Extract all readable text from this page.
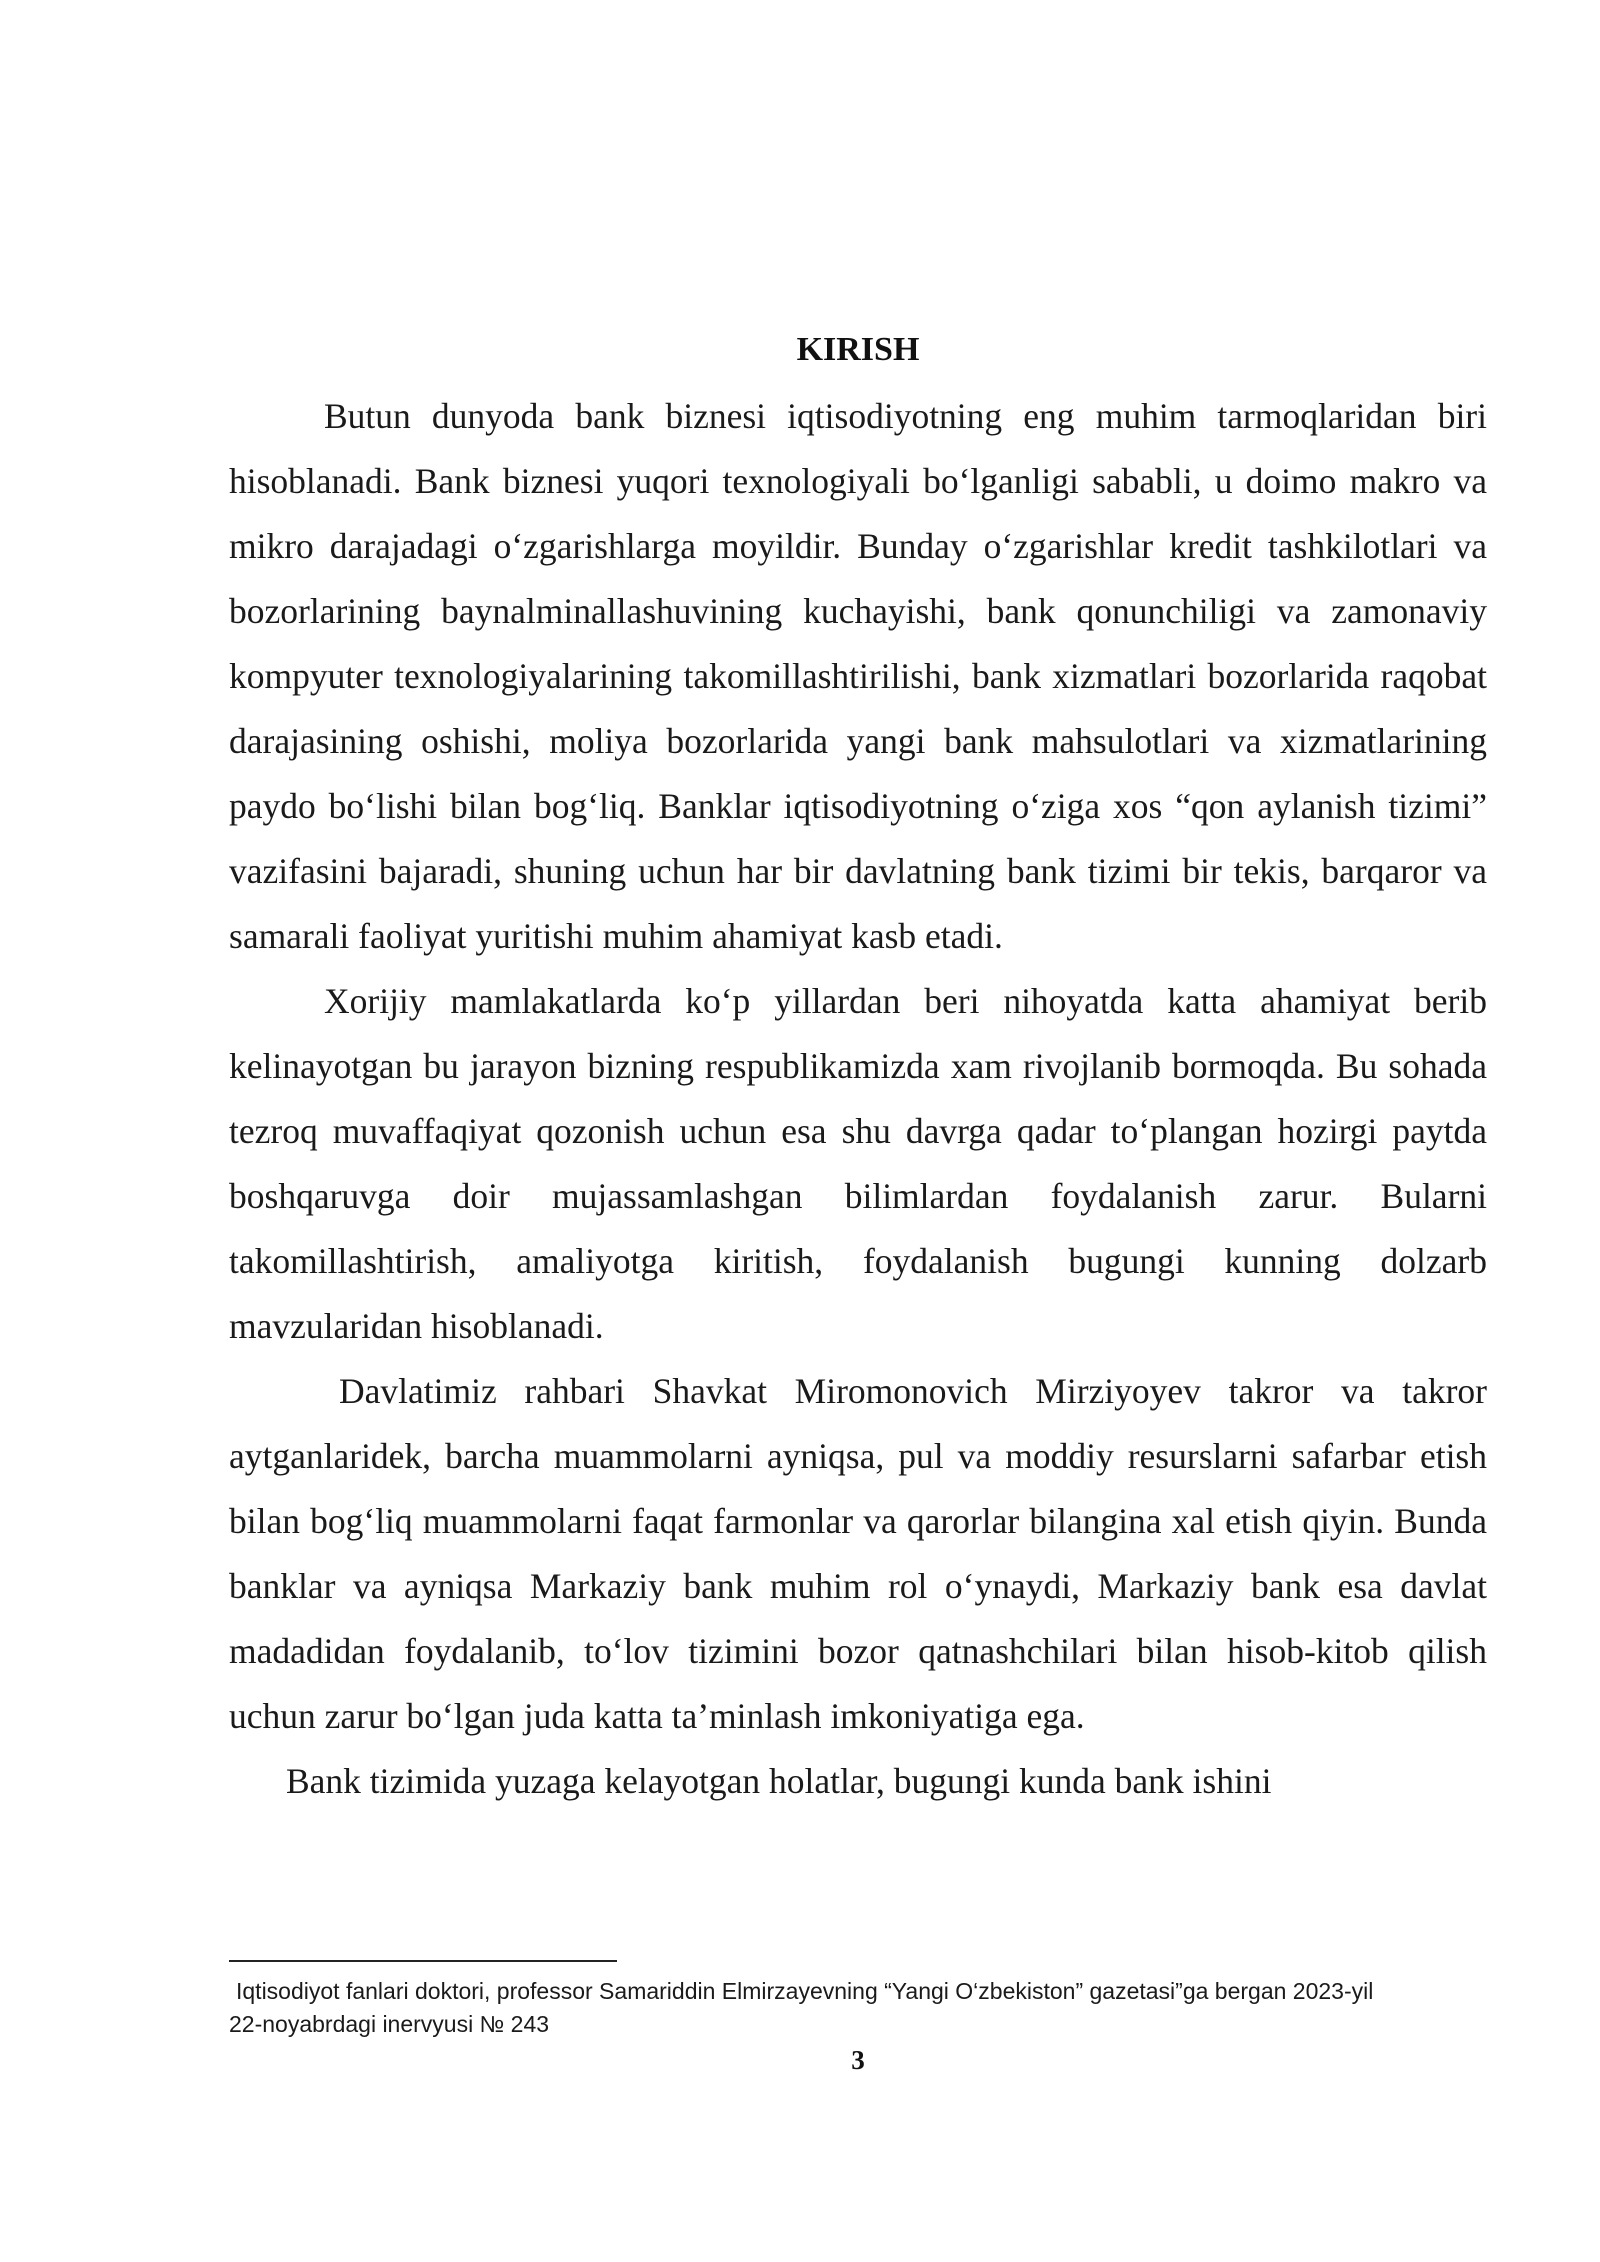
KIRISH

Butun dunyoda bank biznesi iqtisodiyotning eng muhim tarmoqlaridan biri hisoblanadi. Bank biznesi yuqori texnologiyali bo‘lganligi sababli, u doimo makro va mikro darajadagi o‘zgarishlarga moyildir. Bunday o‘zgarishlar kredit tashkilotlari va bozorlarining baynalminallashuvining kuchayishi, bank qonunchiligi va zamonaviy kompyuter texnologiyalarining takomillashtirilishi, bank xizmatlari bozorlarida raqobat darajasining oshishi, moliya bozorlarida yangi bank mahsulotlari va xizmatlarining paydo bo‘lishi bilan bog‘liq. Banklar iqtisodiyotning o‘ziga xos “qon aylanish tizimi” vazifasini bajaradi, shuning uchun har bir davlatning bank tizimi bir tekis, barqaror va samarali faoliyat yuritishi muhim ahamiyat kasb etadi.

Xorijiy mamlakatlarda ko‘p yillardan beri nihoyatda katta ahamiyat berib kelinayotgan bu jarayon bizning respublikamizda xam rivojlanib bormoqda. Bu sohada tezroq muvaffaqiyat qozonish uchun esa shu davrga qadar to‘plangan hozirgi paytda boshqaruvga doir mujassamlashgan bilimlardan foydalanish zarur. Bularni takomillashtirish, amaliyotga kiritish, foydalanish bugungi kunning dolzarb mavzularidan hisoblanadi.

Davlatimiz rahbari Shavkat Miromonovich Mirziyoyev takror va takror aytganlaridek, barcha muammolarni ayniqsa, pul va moddiy resurslarni safarbar etish bilan bog‘liq muammolarni faqat farmonlar va qarorlar bilangina xal etish qiyin. Bunda banklar va ayniqsa Markaziy bank muhim rol o‘ynaydi, Markaziy bank esa davlat madadidan foydalanib, to‘lov tizimini bozor qatnashchilari bilan hisob-kitob qilish uchun zarur bo‘lgan juda katta ta’minlash imkoniyatiga ega.

Bank tizimida yuzaga kelayotgan holatlar, bugungi kunda bank ishini

Iqtisodiyot fanlari doktori, professor Samariddin Elmirzayevning “Yangi O‘zbekiston” gazetasi”ga bergan 2023-yil
22-noyabrdagi inervyusi № 243

3
